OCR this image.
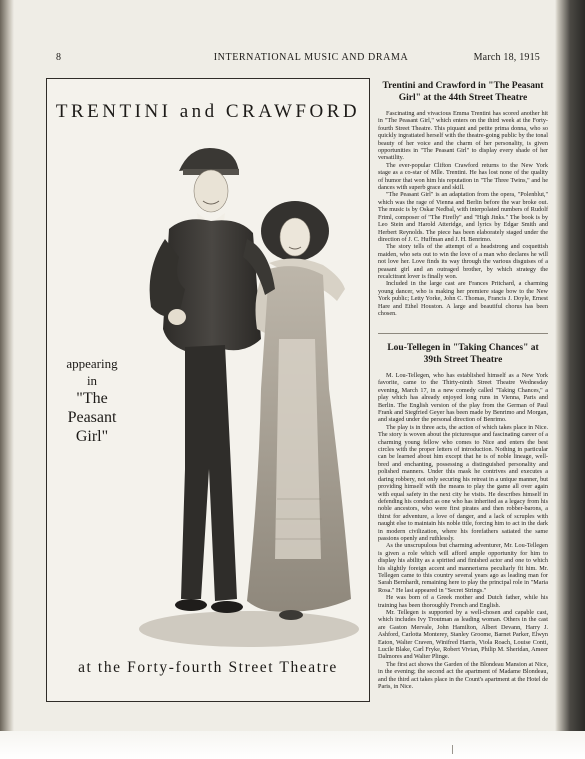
8	INTERNATIONAL MUSIC AND DRAMA	March 18, 1915
TRENTINI and CRAWFORD
appearing
in
"The
Peasant
Girl"
at the Forty-fourth Street Theatre

Trentini and Crawford in "The Peasant

Girl" at the 44th Street Theatre

Fascinating and vivacious Emma Trentini has scored another hit in "The Peasant Girl," which enters on the third week at the Forty-fourth Street Theatre. This piquant and petite prima donna, who so quickly ingratiated herself with the theatre-going public by the tonal beauty of her voice and the charm of her personality, is given opportunities in "The Peasant Girl" to display every shade of her versatility.

The ever-popular Clifton Crawford returns to the New York stage as a co-star of Mlle. Trentini. He has lost none of the quality of humor that won him his reputation in "The Three Twins," and he dances with superb grace and skill.

"The Peasant Girl" is an adaptation from the opera, "Polenblut," which was the rage of Vienna and Berlin before the war broke out. The music is by Oskar Nedbal, with interpolated numbers of Rudolf Friml, composer of "The Firefly" and "High Jinks." The book is by Leo Stein and Harold Atteridge, and lyrics by Edgar Smith and Herbert Reynolds. The piece has been elaborately staged under the direction of J. C. Huffman and J. H. Benrimo.

The story tells of the attempt of a headstrong and coquettish maiden, who sets out to win the love of a man who declares he will not love her. Love finds its way through the various disguises of a peasant girl and an outraged brother, by which strategy the recalcitrant lover is finally won.

Included in the large cast are Frances Pritchard, a charming young dancer, who is making her premiere stage bow to the New York public; Letty Yorke, John C. Thomas, Francis J. Doyle, Ernest Hare and Ethel Houston. A large and beautiful chorus has been chosen.

Lou-Tellegen in "Taking Chances" at

39th Street Theatre

M. Lou-Tellegen, who has established himself as a New York favorite, came to the Thirty-ninth Street Theatre Wednesday evening, March 17, in a new comedy called "Taking Chances," a play which has already enjoyed long runs in Vienna, Paris and Berlin. The English version of the play from the German of Paul Frank and Siegfried Geyer has been made by Benrimo and Morgan, and staged under the personal direction of Benrimo.

The play is in three acts, the action of which takes place in Nice. The story is woven about the picturesque and fascinating career of a charming young fellow who comes to Nice and enters the best circles with the proper letters of introduction. Nothing in particular can be learned about him except that he is of noble lineage, well-bred and enchanting, possessing a distinguished personality and polished manners. Under this mask he contrives and executes a daring robbery, not only securing his retreat in a unique manner, but providing himself with the means to play the game all over again with equal safety in the next city he visits. He describes himself in defending his conduct as one who has inherited as a legacy from his noble ancestors, who were first pirates and then robber-barons, a thirst for adventure, a love of danger, and a lack of scruples with naught else to maintain his noble title, forcing him to act in the dark in modern civilization, where his forefathers satiated the same passions openly and ruthlessly.

As the unscrupulous but charming adventurer, Mr. Lou-Tellegen is given a role which will afford ample opportunity for him to display his ability as a spirited and finished actor and one to which his slightly foreign accent and mannerisms peculiarly fit him. Mr. Tellegen came to this country several years ago as leading man for Sarah Bernhardt, remaining here to play the principal role in "Maria Rosa." He last appeared in "Secret Strings."

He was born of a Greek mother and Dutch father, while his training has been thoroughly French and English.

Mr. Tellegen is supported by a well-chosen and capable cast, which includes Ivy Troutman as leading woman. Others in the cast are Gaston Mervale, John Hamilton, Albert Devann, Harry J. Ashford, Carlotta Monterey, Stanley Groome, Barnet Parker, Elwyn Eaton, Walter Craven, Winifred Harris, Viola Roach, Louise Conti, Lucile Blake, Carl Fryke, Robert Vivian, Philip M. Sheridan, Ameer Dalmores and Walter Plinge.

The first act shows the Garden of the Blondeau Mansion at Nice, in the evening; the second act the apartment of Madame Blondeau, and the third act takes place in the Count's apartment at the Hotel de Paris, in Nice.
